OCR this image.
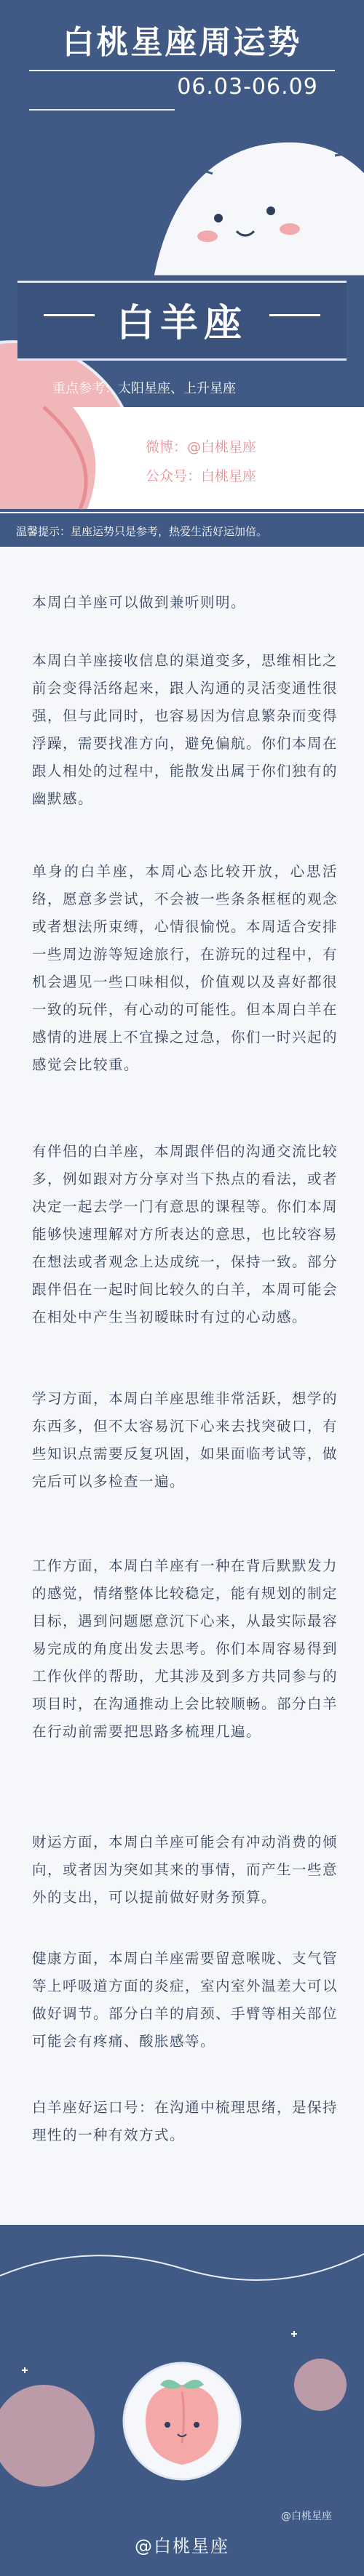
白桃星座周运势
06.03-06.09
白羊座
重点参考：太阳星座、上升星座
微博：@白桃星座
公众号：白桃星座
温馨提示：星座运势只是参考，热爱生活好运加倍。

本周白羊座可以做到兼听则明。

本周白羊座接收信息的渠道变多，思维相比之前会变得活络起来，跟人沟通的灵活变通性很强，但与此同时，也容易因为信息繁杂而变得浮躁，需要找准方向，避免偏航。你们本周在跟人相处的过程中，能散发出属于你们独有的幽默感。

单身的白羊座，本周心态比较开放，心思活络，愿意多尝试，不会被一些条条框框的观念或者想法所束缚，心情很愉悦。本周适合安排一些周边游等短途旅行，在游玩的过程中，有机会遇见一些口味相似，价值观以及喜好都很一致的玩伴，有心动的可能性。但本周白羊在感情的进展上不宜操之过急，你们一时兴起的感觉会比较重。

有伴侣的白羊座，本周跟伴侣的沟通交流比较多，例如跟对方分享对当下热点的看法，或者决定一起去学一门有意思的课程等。你们本周能够快速理解对方所表达的意思，也比较容易在想法或者观念上达成统一，保持一致。部分跟伴侣在一起时间比较久的白羊，本周可能会在相处中产生当初暧昧时有过的心动感。

学习方面，本周白羊座思维非常活跃，想学的东西多，但不太容易沉下心来去找突破口，有些知识点需要反复巩固，如果面临考试等，做完后可以多检查一遍。

工作方面，本周白羊座有一种在背后默默发力的感觉，情绪整体比较稳定，能有规划的制定目标，遇到问题愿意沉下心来，从最实际最容易完成的角度出发去思考。你们本周容易得到工作伙伴的帮助，尤其涉及到多方共同参与的项目时，在沟通推动上会比较顺畅。部分白羊在行动前需要把思路多梳理几遍。

财运方面，本周白羊座可能会有冲动消费的倾向，或者因为突如其来的事情，而产生一些意外的支出，可以提前做好财务预算。

健康方面，本周白羊座需要留意喉咙、支气管等上呼吸道方面的炎症，室内室外温差大可以做好调节。部分白羊的肩颈、手臂等相关部位可能会有疼痛、酸胀感等。

白羊座好运口号：在沟通中梳理思绪，是保持理性的一种有效方式。

@白桃星座
@白桃星座
